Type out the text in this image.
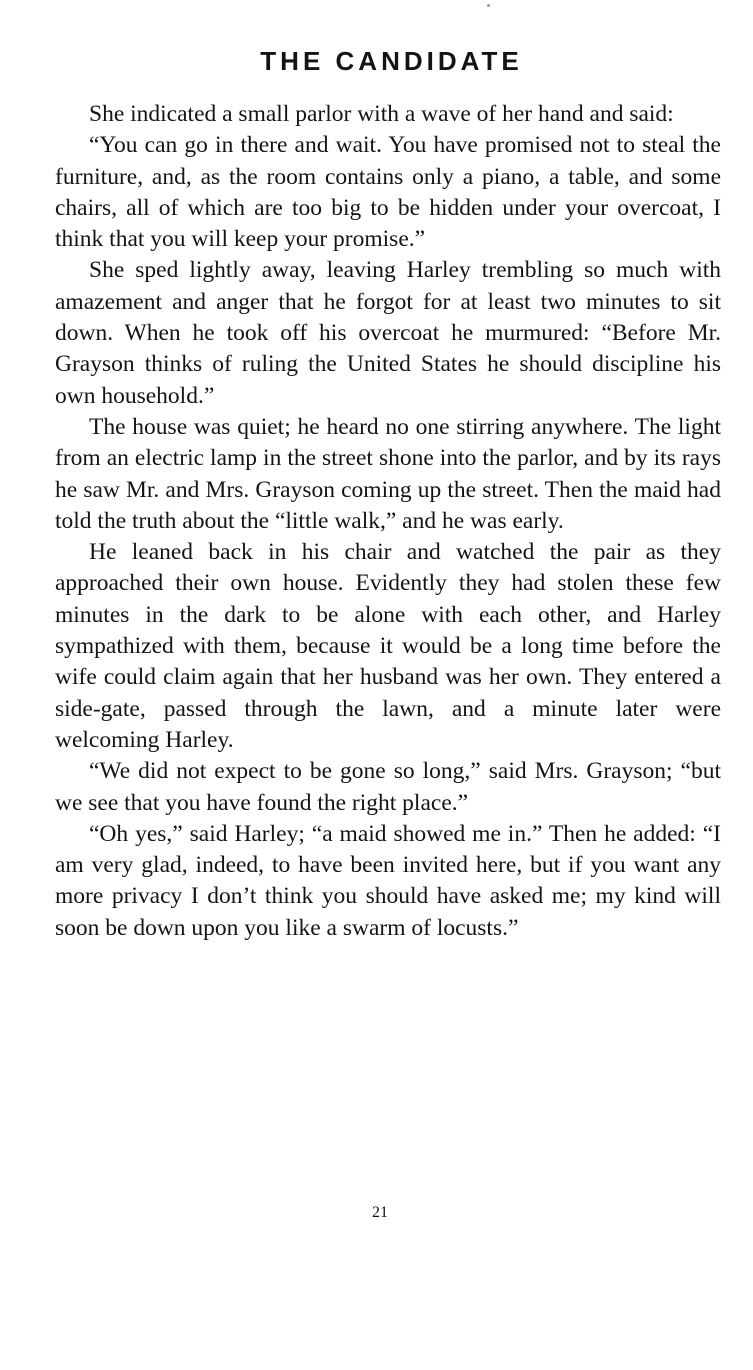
THE CANDIDATE

She indicated a small parlor with a wave of her hand and said:

“You can go in there and wait. You have promised not to steal the furniture, and, as the room contains only a piano, a table, and some chairs, all of which are too big to be hidden under your overcoat, I think that you will keep your promise.”

She sped lightly away, leaving Harley trembling so much with amazement and anger that he forgot for at least two minutes to sit down. When he took off his overcoat he murmured: “Before Mr. Grayson thinks of ruling the United States he should discipline his own household.”

The house was quiet; he heard no one stirring anywhere. The light from an electric lamp in the street shone into the parlor, and by its rays he saw Mr. and Mrs. Grayson coming up the street. Then the maid had told the truth about the “little walk,” and he was early.

He leaned back in his chair and watched the pair as they approached their own house. Evidently they had stolen these few minutes in the dark to be alone with each other, and Harley sympathized with them, because it would be a long time before the wife could claim again that her husband was her own. They entered a side-gate, passed through the lawn, and a minute later were welcoming Harley.

“We did not expect to be gone so long,” said Mrs. Grayson; “but we see that you have found the right place.”

“Oh yes,” said Harley; “a maid showed me in.” Then he added: “I am very glad, indeed, to have been invited here, but if you want any more privacy I don’t think you should have asked me; my kind will soon be down upon you like a swarm of locusts.”

21
